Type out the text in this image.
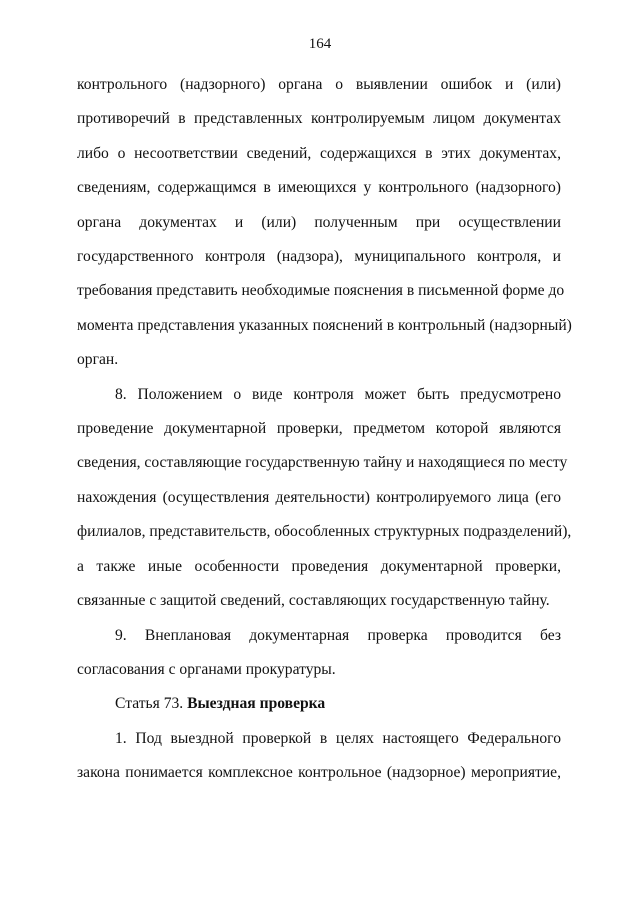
164

контрольного (надзорного) органа о выявлении ошибок и (или)

противоречий в представленных контролируемым лицом документах

либо о несоответствии сведений, содержащихся в этих документах,

сведениям, содержащимся в имеющихся у контрольного (надзорного)

органа документах и (или) полученным при осуществлении

государственного контроля (надзора), муниципального контроля, и

требования представить необходимые пояснения в письменной форме до

момента представления указанных пояснений в контрольный (надзорный)

орган.

8. Положением о виде контроля может быть предусмотрено

проведение документарной проверки, предметом которой являются

сведения, составляющие государственную тайну и находящиеся по месту

нахождения (осуществления деятельности) контролируемого лица (его

филиалов, представительств, обособленных структурных подразделений),

а также иные особенности проведения документарной проверки,

связанные с защитой сведений, составляющих государственную тайну.

9. Внеплановая документарная проверка проводится без

согласования с органами прокуратуры.

Статья 73. Выездная проверка

1. Под выездной проверкой в целях настоящего Федерального

закона понимается комплексное контрольное (надзорное) мероприятие,
